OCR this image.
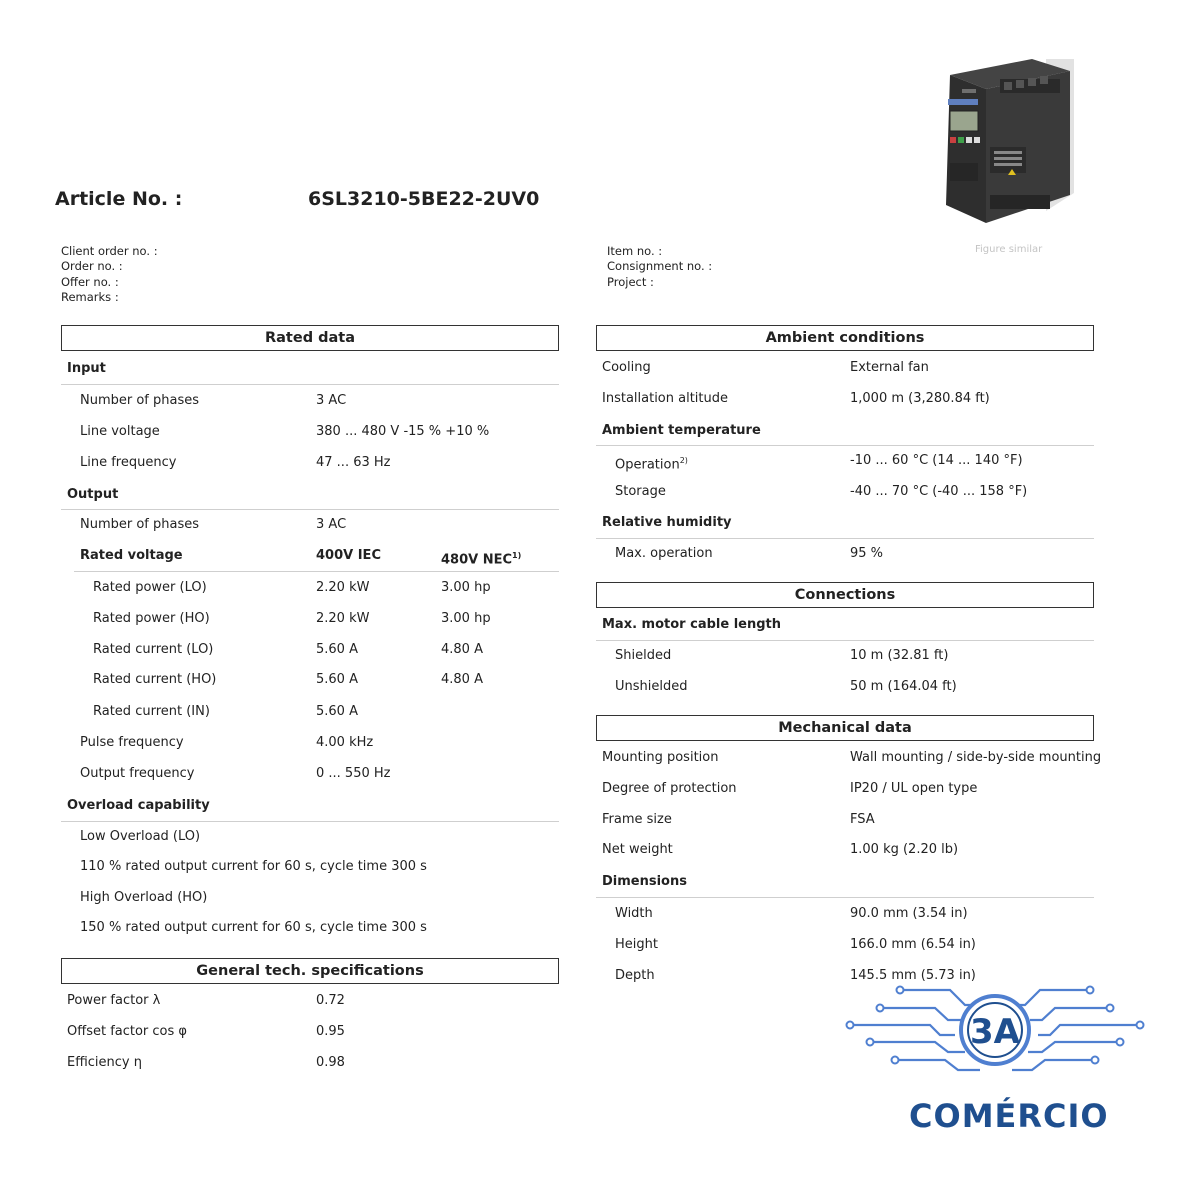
Article No. :	6SL3210-5BE22-2UV0
Figure similar
Client order no. :
Order no. :
Offer no. :
Remarks :
Item no. :
Consignment no. :
Project :
Rated data
Input
Number of phases	3 AC
Line voltage	380 ... 480 V -15 % +10 %
Line frequency	47 ... 63 Hz
Output
Number of phases	3 AC
Rated voltage	400V IEC	480V NEC$^{1)}$
Rated power (LO)	2.20 kW	3.00 hp
Rated power (HO)	2.20 kW	3.00 hp
Rated current (LO)	5.60 A	4.80 A
Rated current (HO)	5.60 A	4.80 A
Rated current (IN)	5.60 A
Pulse frequency	4.00 kHz
Output frequency	0 ... 550 Hz
Overload capability
Low Overload (LO)
110 % rated output current for 60 s, cycle time 300 s
High Overload (HO)
150 % rated output current for 60 s, cycle time 300 s
General tech. specifications
Power factor λ	0.72
Offset factor cos φ	0.95
Efficiency η	0.98
Ambient conditions
Cooling	External fan
Installation altitude	1,000 m (3,280.84 ft)
Ambient temperature
Operation$^{2)}$	-10 ... 60 °C (14 ... 140 °F)
Storage	-40 ... 70 °C (-40 ... 158 °F)
Relative humidity
Max. operation	95 %
Connections
Max. motor cable length
Shielded	10 m (32.81 ft)
Unshielded	50 m (164.04 ft)
Mechanical data
Mounting position	Wall mounting / side-by-side mounting
Degree of protection	IP20 / UL open type
Frame size	FSA
Net weight	1.00 kg (2.20 lb)
Dimensions
Width	90.0 mm (3.54 in)
Height	166.0 mm (6.54 in)
Depth	145.5 mm (5.73 in)
3A
COMÉRCIO
